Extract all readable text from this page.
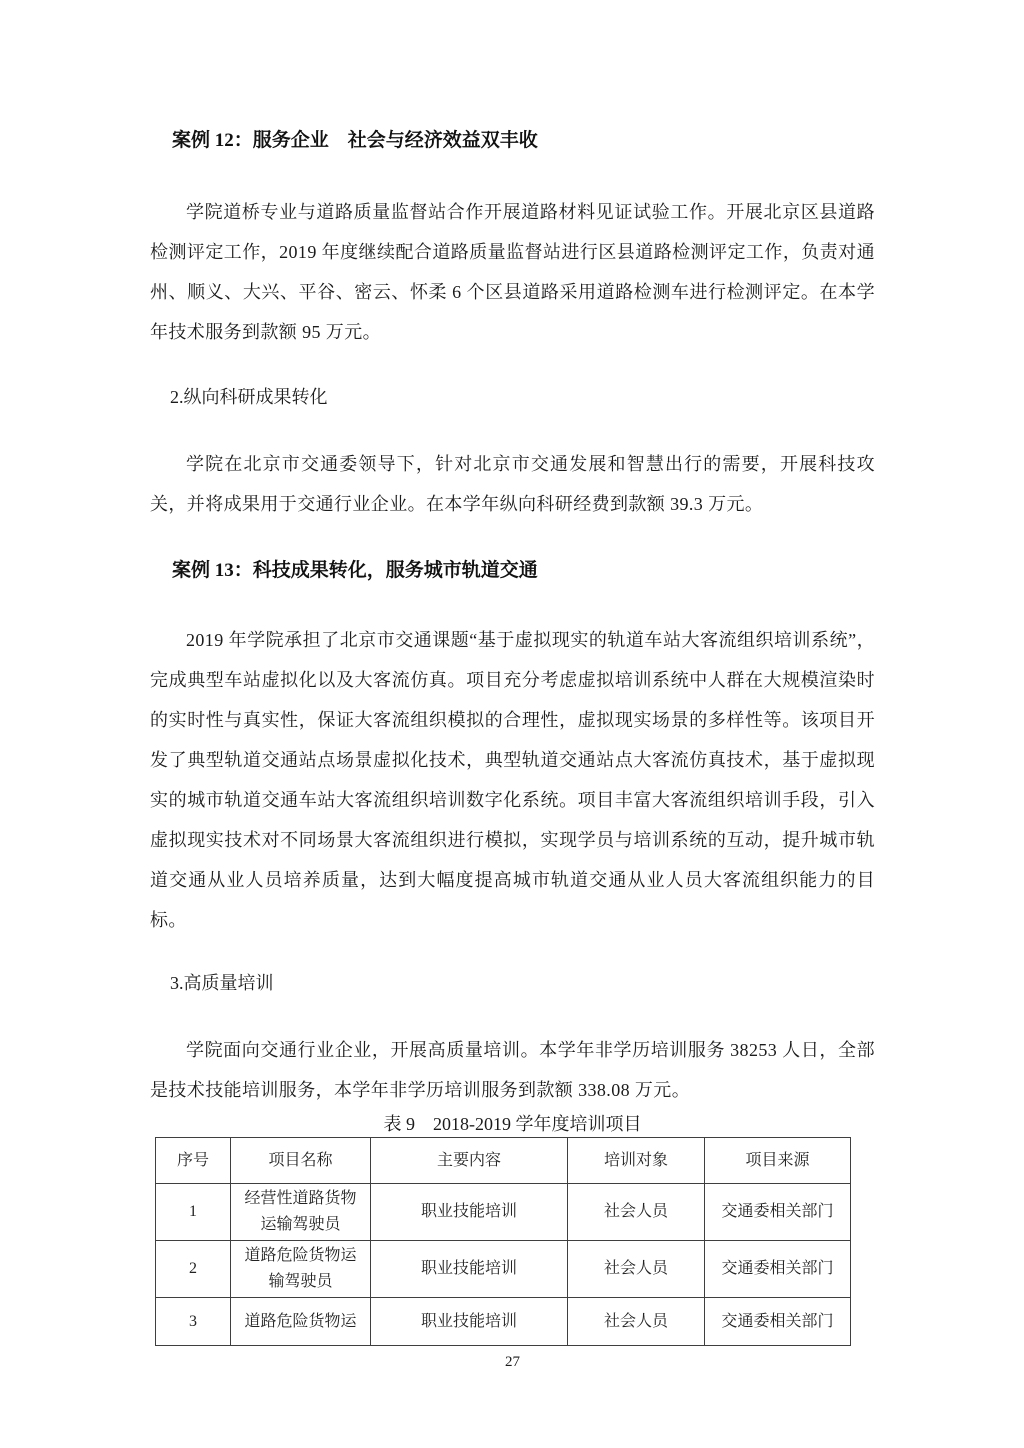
案例 12：服务企业　社会与经济效益双丰收

学院道桥专业与道路质量监督站合作开展道路材料见证试验工作。开展北京区县道路检测评定工作，2019 年度继续配合道路质量监督站进行区县道路检测评定工作，负责对通州、顺义、大兴、平谷、密云、怀柔 6 个区县道路采用道路检测车进行检测评定。在本学年技术服务到款额 95 万元。

2.纵向科研成果转化

学院在北京市交通委领导下，针对北京市交通发展和智慧出行的需要，开展科技攻关，并将成果用于交通行业企业。在本学年纵向科研经费到款额 39.3 万元。

案例 13：科技成果转化，服务城市轨道交通

2019 年学院承担了北京市交通课题“基于虚拟现实的轨道车站大客流组织培训系统”，完成典型车站虚拟化以及大客流仿真。项目充分考虑虚拟培训系统中人群在大规模渲染时的实时性与真实性，保证大客流组织模拟的合理性，虚拟现实场景的多样性等。该项目开发了典型轨道交通站点场景虚拟化技术，典型轨道交通站点大客流仿真技术，基于虚拟现实的城市轨道交通车站大客流组织培训数字化系统。项目丰富大客流组织培训手段，引入虚拟现实技术对不同场景大客流组织进行模拟，实现学员与培训系统的互动，提升城市轨道交通从业人员培养质量，达到大幅度提高城市轨道交通从业人员大客流组织能力的目标。

3.高质量培训

学院面向交通行业企业，开展高质量培训。本学年非学历培训服务 38253 人日，全部是技术技能培训服务，本学年非学历培训服务到款额 338.08 万元。

表 9　2018-2019 学年度培训项目
序号	项目名称	主要内容	培训对象	项目来源
1	经营性道路货物运输驾驶员	职业技能培训	社会人员	交通委相关部门
2	道路危险货物运输驾驶员	职业技能培训	社会人员	交通委相关部门
3	道路危险货物运	职业技能培训	社会人员	交通委相关部门
27
